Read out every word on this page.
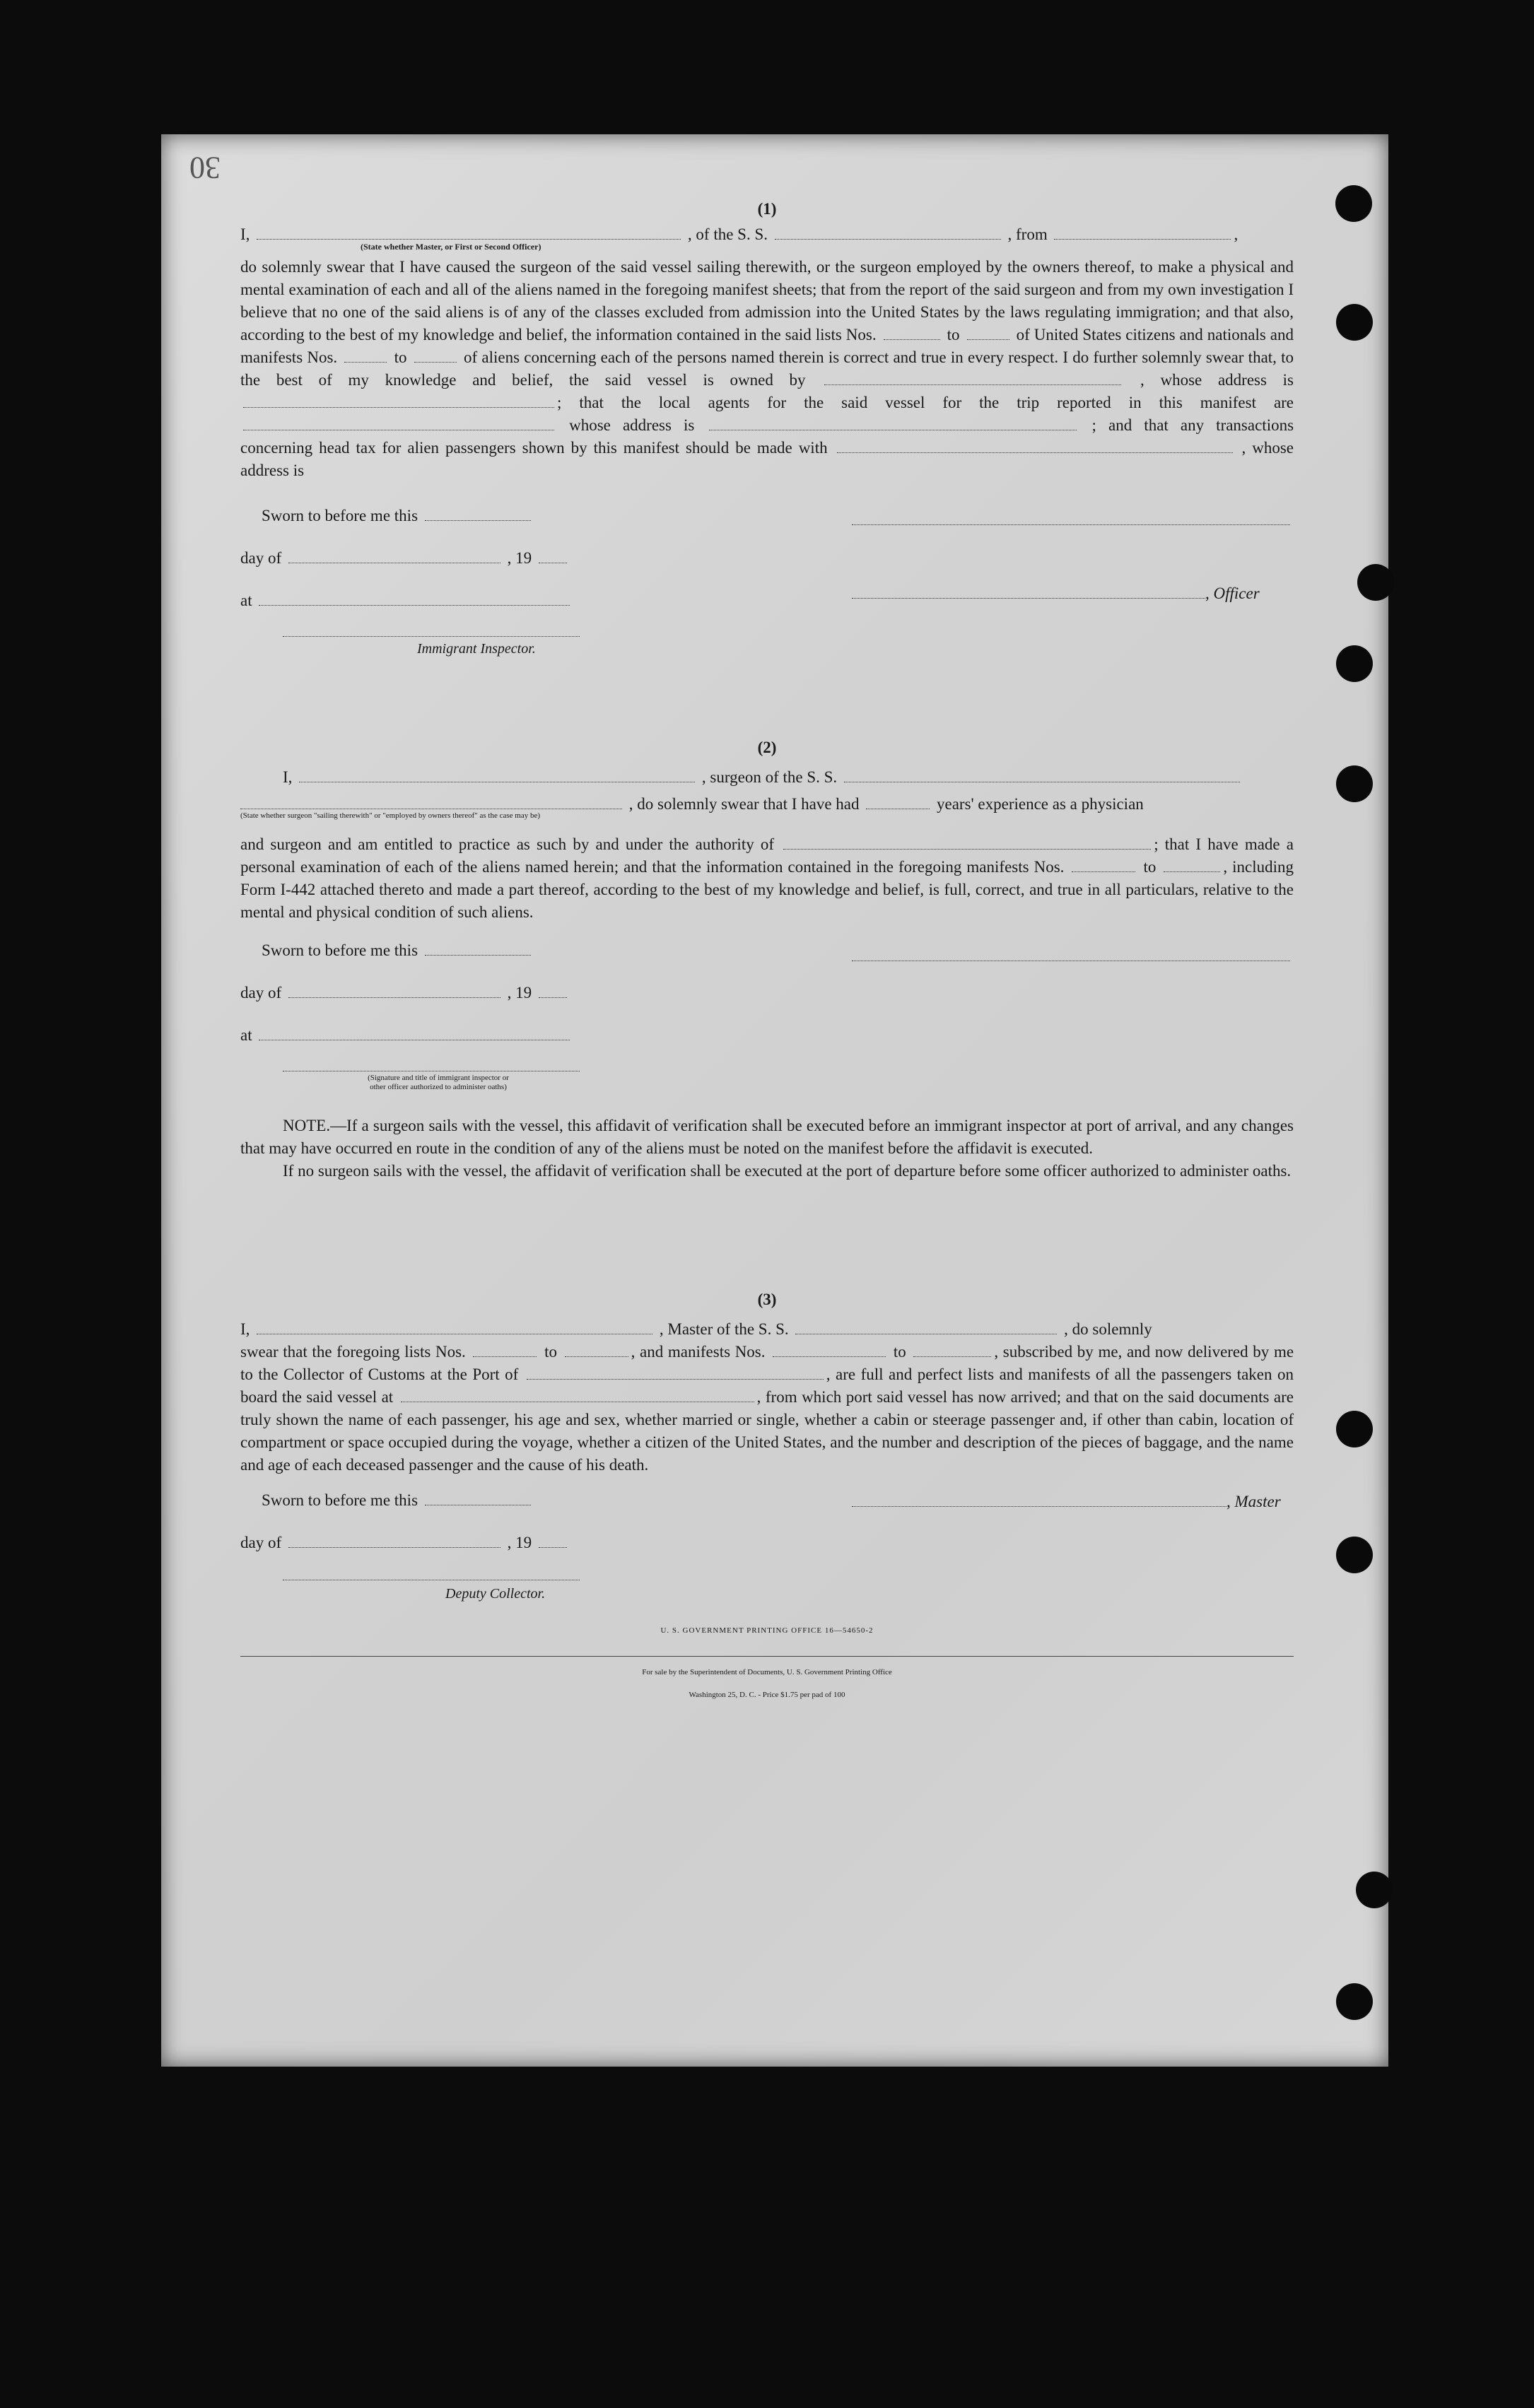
30
(1)
I,	, of the S. S.	, from	,
(State whether Master, or First or Second Officer)

do solemnly swear that I have caused the surgeon of the said vessel sailing therewith, or the surgeon employed by the owners thereof, to make a physical and mental examination of each and all of the aliens named in the foregoing manifest sheets; that from the report of the said surgeon and from my own investigation I believe that no one of the said aliens is of any of the classes excluded from admission into the United States by the laws regulating immigration; and that also, according to the best of my knowledge and belief, the information contained in the said lists Nos.	to	of United States citizens and nationals and manifests Nos.	to	of aliens concerning each of the persons named therein is correct and true in every respect. I do further solemnly swear that, to the best of my knowledge and belief, the said vessel is owned by	, whose address is ; that the local agents for the said vessel for the trip reported in this manifest are  whose address is	; and that any transactions concerning head tax for alien passengers shown by this manifest should be made with	, whose address is

Sworn to before me this
day of	, 19
at	, Officer
Immigrant Inspector.
(2)
I,	, surgeon of the S. S.
, do solemnly swear that I have had	years' experience as a physician
(State whether surgeon "sailing therewith" or "employed by owners thereof" as the case may be)

and surgeon and am entitled to practice as such by and under the authority of	; that I have made a personal examination of each of the aliens named herein; and that the information contained in the foregoing manifests Nos.	to	, including Form I-442 attached thereto and made a part thereof, according to the best of my knowledge and belief, is full, correct, and true in all particulars, relative to the mental and physical condition of such aliens.

Sworn to before me this
day of	, 19
at
(Signature and title of immigrant inspector or
other officer authorized to administer oaths)

NOTE.—If a surgeon sails with the vessel, this affidavit of verification shall be executed before an immigrant inspector at port of arrival, and any changes that may have occurred en route in the condition of any of the aliens must be noted on the manifest before the affidavit is executed.

If no surgeon sails with the vessel, the affidavit of verification shall be executed at the port of departure before some officer authorized to administer oaths.

(3)
I,	, Master of the S. S.	, do solemnly

swear that the foregoing lists Nos.	to	, and manifests Nos.	to	, subscribed by me, and now delivered by me to the Collector of Customs at the Port of	, are full and perfect lists and manifests of all the passengers taken on board the said vessel at	, from which port said vessel has now arrived; and that on the said documents are truly shown the name of each passenger, his age and sex, whether married or single, whether a cabin or steerage passenger and, if other than cabin, location of compartment or space occupied during the voyage, whether a citizen of the United States, and the number and description of the pieces of baggage, and the name and age of each deceased passenger and the cause of his death.

Sworn to before me this	, Master
day of	, 19
Deputy Collector.
U. S. GOVERNMENT PRINTING OFFICE 16—54650-2
For sale by the Superintendent of Documents, U. S. Government Printing Office
Washington 25, D. C. - Price $1.75 per pad of 100
